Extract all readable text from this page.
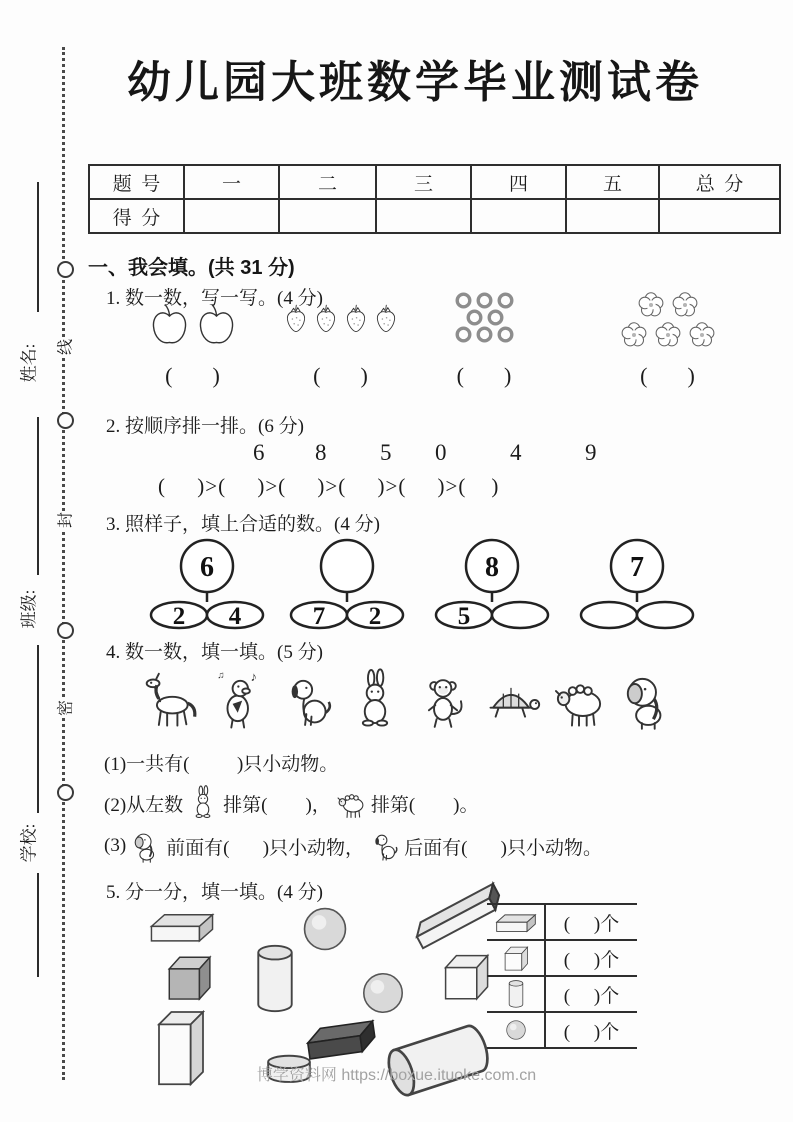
姓名:
班级:
学校:
线
封
密
幼儿园大班数学毕业测试卷
题  号	一	二	三	四	五	总  分
得  分						
一、我会填。(共 31 分)
1. 数一数，写一写。(4 分)
(      )	(      )	(      )	(      )
2. 按顺序排一排。(6 分)
6 8 5 0	4	9
(     )>(     )>(     )>(     )>(     )>(    )
3. 照样子，填上合适的数。(4 分)
6
2 4	7 2
8
5
7
4. 数一数，填一填。(5 分)
♪
♫
(1)一共有(          )只小动物。
(2)从左数 排第(        )， 排第(        )。
(3) 前面有(       )只小动物， 后面有(       )只小动物。
5. 分一分，填一填。(4 分)
(     )个
(     )个
(     )个
(     )个
博学资料网 https://boxue.ituoke.com.cn
